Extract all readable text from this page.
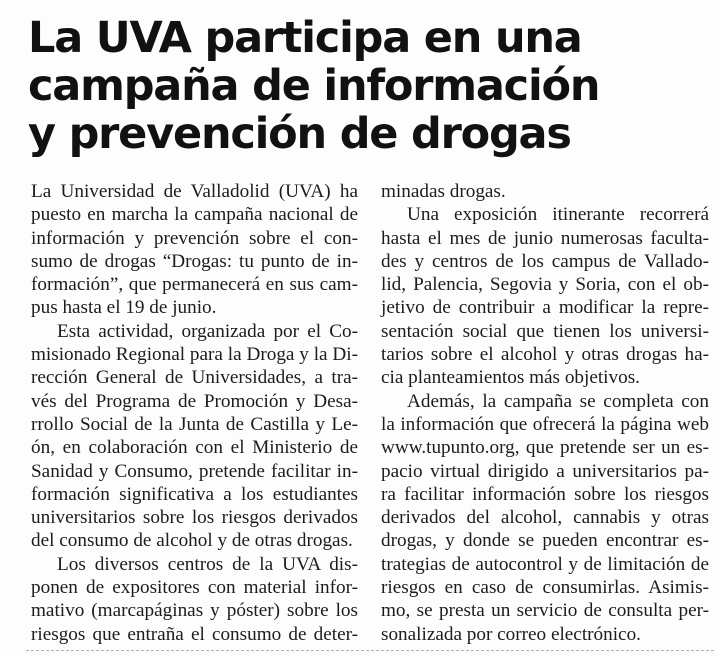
La UVA participa en una
campaña de información
y prevención de drogas
La Universidad de Valladolid (UVA) ha
puesto en marcha la campaña nacional de
información y prevención sobre el con-
sumo de drogas “Drogas: tu punto de in-
formación”, que permanecerá en sus cam-
pus hasta el 19 de junio.
Esta actividad, organizada por el Co-
misionado Regional para la Droga y la Di-
rección General de Universidades, a tra-
vés del Programa de Promoción y Desa-
rrollo Social de la Junta de Castilla y Le-
ón, en colaboración con el Ministerio de
Sanidad y Consumo, pretende facilitar in-
formación significativa a los estudiantes
universitarios sobre los riesgos derivados
del consumo de alcohol y de otras drogas.
Los diversos centros de la UVA dis-
ponen de expositores con material infor-
mativo (marcapáginas y póster) sobre los
riesgos que entraña el consumo de deter-
minadas drogas.
Una exposición itinerante recorrerá
hasta el mes de junio numerosas faculta-
des y centros de los campus de Vallado-
lid, Palencia, Segovia y Soria, con el ob-
jetivo de contribuir a modificar la repre-
sentación social que tienen los universi-
tarios sobre el alcohol y otras drogas ha-
cia planteamientos más objetivos.
Además, la campaña se completa con
la información que ofrecerá la página web
www.tupunto.org, que pretende ser un es-
pacio virtual dirigido a universitarios pa-
ra facilitar información sobre los riesgos
derivados del alcohol, cannabis y otras
drogas, y donde se pueden encontrar es-
trategias de autocontrol y de limitación de
riesgos en caso de consumirlas. Asimis-
mo, se presta un servicio de consulta per-
sonalizada por correo electrónico.
